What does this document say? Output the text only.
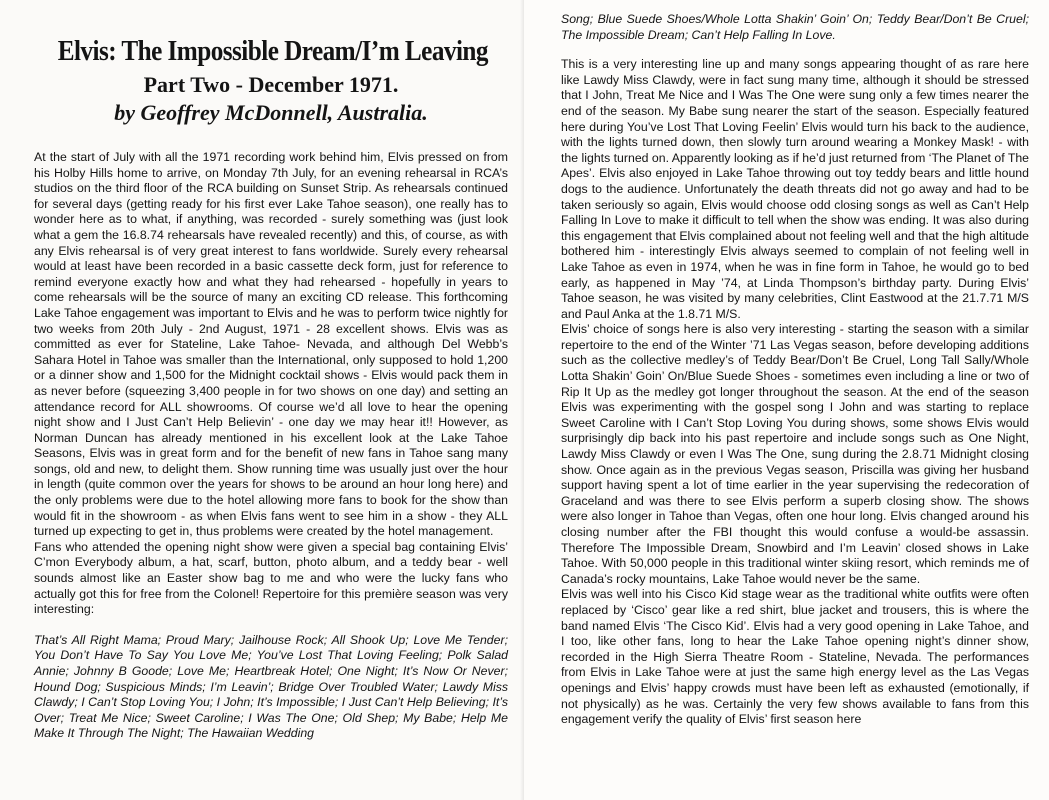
Elvis: The Impossible Dream/I’m Leaving
Part Two - December 1971.
by Geoffrey McDonnell, Australia.

At the start of July with all the 1971 recording work behind him, Elvis pressed on from his Holby Hills home to arrive, on Monday 7th July, for an evening rehearsal in RCA’s studios on the third floor of the RCA building on Sunset Strip. As rehearsals continued for several days (getting ready for his first ever Lake Tahoe season), one really has to wonder here as to what, if anything, was recorded - surely something was (just look what a gem the 16.8.74 rehearsals have revealed recently) and this, of course, as with any Elvis rehearsal is of very great interest to fans worldwide. Surely every rehearsal would at least have been recorded in a basic cassette deck form, just for reference to remind everyone exactly how and what they had rehearsed - hopefully in years to come rehearsals will be the source of many an exciting CD release. This forthcoming Lake Tahoe engagement was important to Elvis and he was to perform twice nightly for two weeks from 20th July - 2nd August, 1971 - 28 excellent shows. Elvis was as committed as ever for Stateline, Lake Tahoe- Nevada, and although Del Webb’s Sahara Hotel in Tahoe was smaller than the International, only supposed to hold 1,200 or a dinner show and 1,500 for the Midnight cocktail shows - Elvis would pack them in as never before (squeezing 3,400 people in for two shows on one day) and setting an attendance record for ALL showrooms. Of course we’d all love to hear the opening night show and I Just Can’t Help Believin’ - one day we may hear it!! However, as Norman Duncan has already mentioned in his excellent look at the Lake Tahoe Seasons, Elvis was in great form and for the benefit of new fans in Tahoe sang many songs, old and new, to delight them. Show running time was usually just over the hour in length (quite common over the years for shows to be around an hour long here) and the only problems were due to the hotel allowing more fans to book for the show than would fit in the showroom - as when Elvis fans went to see him in a show - they ALL turned up expecting to get in, thus problems were created by the hotel management.

Fans who attended the opening night show were given a special bag containing Elvis’ C’mon Everybody album, a hat, scarf, button, photo album, and a teddy bear - well sounds almost like an Easter show bag to me and who were the lucky fans who actually got this for free from the Colonel! Repertoire for this première season was very interesting:

That’s All Right Mama; Proud Mary; Jailhouse Rock; All Shook Up; Love Me Tender; You Don’t Have To Say You Love Me; You’ve Lost That Loving Feeling; Polk Salad Annie; Johnny B Goode; Love Me; Heartbreak Hotel; One Night; It’s Now Or Never; Hound Dog; Suspicious Minds; I’m Leavin’; Bridge Over Troubled Water; Lawdy Miss Clawdy; I Can’t Stop Loving You; I John; It’s Impossible; I Just Can’t Help Believing; It’s Over; Treat Me Nice; Sweet Caroline; I Was The One; Old Shep; My Babe; Help Me Make It Through The Night; The Hawaiian Wedding

Song; Blue Suede Shoes/Whole Lotta Shakin’ Goin’ On; Teddy Bear/Don’t Be Cruel; The Impossible Dream; Can’t Help Falling In Love.

This is a very interesting line up and many songs appearing thought of as rare here like Lawdy Miss Clawdy, were in fact sung many time, although it should be stressed that I John, Treat Me Nice and I Was The One were sung only a few times nearer the end of the season. My Babe sung nearer the start of the season. Especially featured here during You’ve Lost That Loving Feelin’ Elvis would turn his back to the audience, with the lights turned down, then slowly turn around wearing a Monkey Mask! - with the lights turned on. Apparently looking as if he’d just returned from ‘The Planet of The Apes’. Elvis also enjoyed in Lake Tahoe throwing out toy teddy bears and little hound dogs to the audience. Unfortunately the death threats did not go away and had to be taken seriously so again, Elvis would choose odd closing songs as well as Can’t Help Falling In Love to make it difficult to tell when the show was ending. It was also during this engagement that Elvis complained about not feeling well and that the high altitude bothered him - interestingly Elvis always seemed to complain of not feeling well in Lake Tahoe as even in 1974, when he was in fine form in Tahoe, he would go to bed early, as happened in May ’74, at Linda Thompson’s birthday party. During Elvis’ Tahoe season, he was visited by many celebrities, Clint Eastwood at the 21.7.71 M/S and Paul Anka at the 1.8.71 M/S.

Elvis’ choice of songs here is also very interesting - starting the season with a similar repertoire to the end of the Winter ’71 Las Vegas season, before developing additions such as the collective medley’s of Teddy Bear/Don’t Be Cruel, Long Tall Sally/Whole Lotta Shakin’ Goin’ On/Blue Suede Shoes - sometimes even including a line or two of Rip It Up as the medley got longer throughout the season. At the end of the season Elvis was experimenting with the gospel song I John and was starting to replace Sweet Caroline with I Can’t Stop Loving You during shows, some shows Elvis would surprisingly dip back into his past repertoire and include songs such as One Night, Lawdy Miss Clawdy or even I Was The One, sung during the 2.8.71 Midnight closing show. Once again as in the previous Vegas season, Priscilla was giving her husband support having spent a lot of time earlier in the year supervising the redecoration of Graceland and was there to see Elvis perform a superb closing show. The shows were also longer in Tahoe than Vegas, often one hour long. Elvis changed around his closing number after the FBI thought this would confuse a would-be assassin. Therefore The Impossible Dream, Snowbird and I’m Leavin’ closed shows in Lake Tahoe. With 50,000 people in this traditional winter skiing resort, which reminds me of Canada’s rocky mountains, Lake Tahoe would never be the same.

Elvis was well into his Cisco Kid stage wear as the traditional white outfits were often replaced by ‘Cisco’ gear like a red shirt, blue jacket and trousers, this is where the band named Elvis ‘The Cisco Kid’. Elvis had a very good opening in Lake Tahoe, and I too, like other fans, long to hear the Lake Tahoe opening night’s dinner show, recorded in the High Sierra Theatre Room - Stateline, Nevada. The performances from Elvis in Lake Tahoe were at just the same high energy level as the Las Vegas openings and Elvis’ happy crowds must have been left as exhausted (emotionally, if not physically) as he was. Certainly the very few shows available to fans from this engagement verify the quality of Elvis’ first season here
